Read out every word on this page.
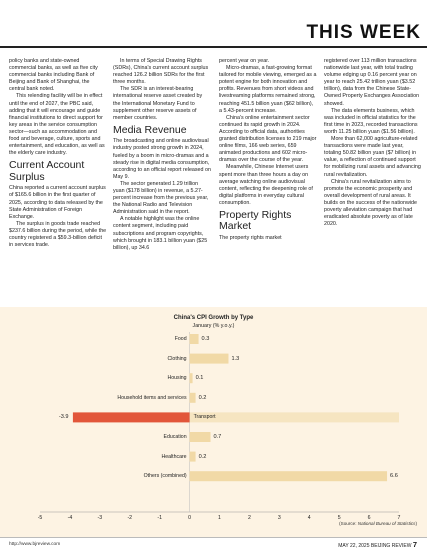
THIS WEEK

policy banks and state-owned commercial banks, as well as five city commercial banks including Bank of Beijing and Bank of Shanghai, the central bank noted.

This relending facility will be in effect until the end of 2027, the PBC said, adding that it will encourage and guide financial institutions to direct support for key areas in the service consumption sector—such as accommodation and food and beverage, culture, sports and entertainment, and education, as well as the elderly care industry.

Current Account Surplus

China reported a current account surplus of $165.6 billion in the first quarter of 2025, according to data released by the State Administration of Foreign Exchange.

The surplus in goods trade reached $237.6 billion during the period, while the country registered a $59.3-billion deficit in services trade.

In terms of Special Drawing Rights (SDRs), China's current account surplus reached 126.2 billion SDRs for the first three months.

The SDR is an interest-bearing international reserve asset created by the International Monetary Fund to supplement other reserve assets of member countries.

Media Revenue

The broadcasting and online audiovisual industry posted strong growth in 2024, fueled by a boom in micro-dramas and a steady rise in digital media consumption, according to an official report released on May 9.

The sector generated 1.29 trillion yuan ($178 billion) in revenue, a 5.27-percent increase from the previous year, the National Radio and Television Administration said in the report.

A notable highlight was the online content segment, including paid subscriptions and program copyrights, which brought in 183.1 billion yuan ($25 billion), up 34.6

percent year on year.

Micro-dramas, a fast-growing format tailored for mobile viewing, emerged as a potent engine for both innovation and profits. Revenues from short videos and livestreaming platforms remained strong, reaching 451.5 billion yuan ($62 billion), a 5.43-percent increase.

China's online entertainment sector continued its rapid growth in 2024. According to official data, authorities granted distribution licenses to 219 major online films, 166 web series, 659 animated productions and 602 micro-dramas over the course of the year.

Meanwhile, Chinese Internet users spent more than three hours a day on average watching online audiovisual content, reflecting the deepening role of digital platforms in everyday cultural consumption.

Property Rights Market

The property rights market

registered over 113 million transactions nationwide last year, with total trading volume edging up 0.16 percent year on year to reach 25.42 trillion yuan ($3.52 trillion), data from the Chinese State-Owned Property Exchanges Association showed.

The data elements business, which was included in official statistics for the first time in 2023, recorded transactions worth 11.25 billion yuan ($1.56 billion).

More than 62,000 agriculture-related transactions were made last year, totaling 50.82 billion yuan ($7 billion) in value, a reflection of continued support for mobilizing rural assets and advancing rural revitalization.

China's rural revitalization aims to promote the economic prosperity and overall development of rural areas. It builds on the success of the nationwide poverty alleviation campaign that had eradicated absolute poverty as of late 2020.

China's CPI Growth by Type
January (% y.o.y.)
Food	0.3
Clothing	1.3
Housing 0.1
Household items and services 0.2
Transport
-3.9
Education	0.7
Healthcare 0.2
Others (combined)	6.6
-5	-4	-3	-2	-1	0	1	2	3	4	5	6	7
(Source: National Bureau of Statistics)
http://www.bjreview.com	MAY 22, 2025 BEIJING REVIEW 7
